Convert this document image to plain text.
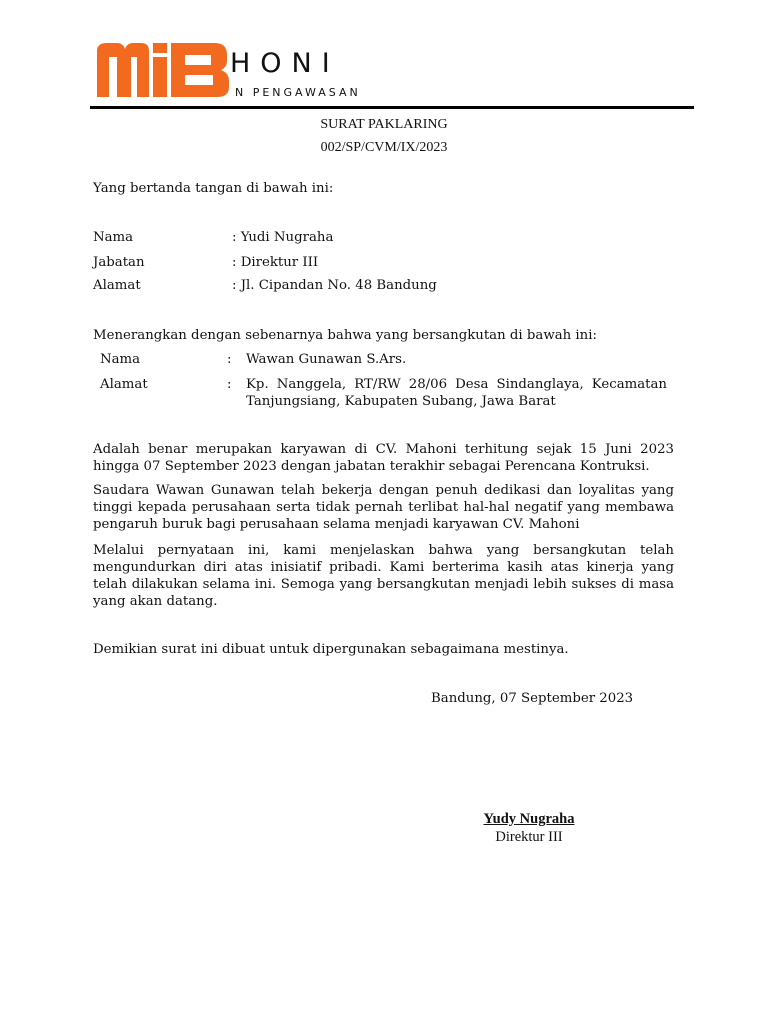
HONI
N PENGAWASAN
SURAT PAKLARING
002/SP/CVM/IX/2023
Yang bertanda tangan di bawah ini:
Nama	: Yudi Nugraha
Jabatan	: Direktur III
Alamat	: Jl. Cipandan No. 48 Bandung
Menerangkan dengan sebenarnya bahwa yang bersangkutan di bawah ini:
Nama	: Wawan Gunawan S.Ars.
Alamat	: Kp. Nanggela, RT/RW 28/06 Desa Sindanglaya, Kecamatan Tanjungsiang, Kabupaten Subang, Jawa Barat
Adalah benar merupakan karyawan di CV. Mahoni terhitung sejak 15 Juni 2023 hingga 07 September 2023 dengan jabatan terakhir sebagai Perencana Kontruksi.
Saudara Wawan Gunawan telah bekerja dengan penuh dedikasi dan loyalitas yang tinggi kepada perusahaan serta tidak pernah terlibat hal-hal negatif yang membawa pengaruh buruk bagi perusahaan selama menjadi karyawan CV. Mahoni
Melalui pernyataan ini, kami menjelaskan bahwa yang bersangkutan telah mengundurkan diri atas inisiatif pribadi. Kami berterima kasih atas kinerja yang telah dilakukan selama ini. Semoga yang bersangkutan menjadi lebih sukses di masa yang akan datang.
Demikian surat ini dibuat untuk dipergunakan sebagaimana mestinya.
Bandung, 07 September 2023
Yudy Nugraha
Direktur III
